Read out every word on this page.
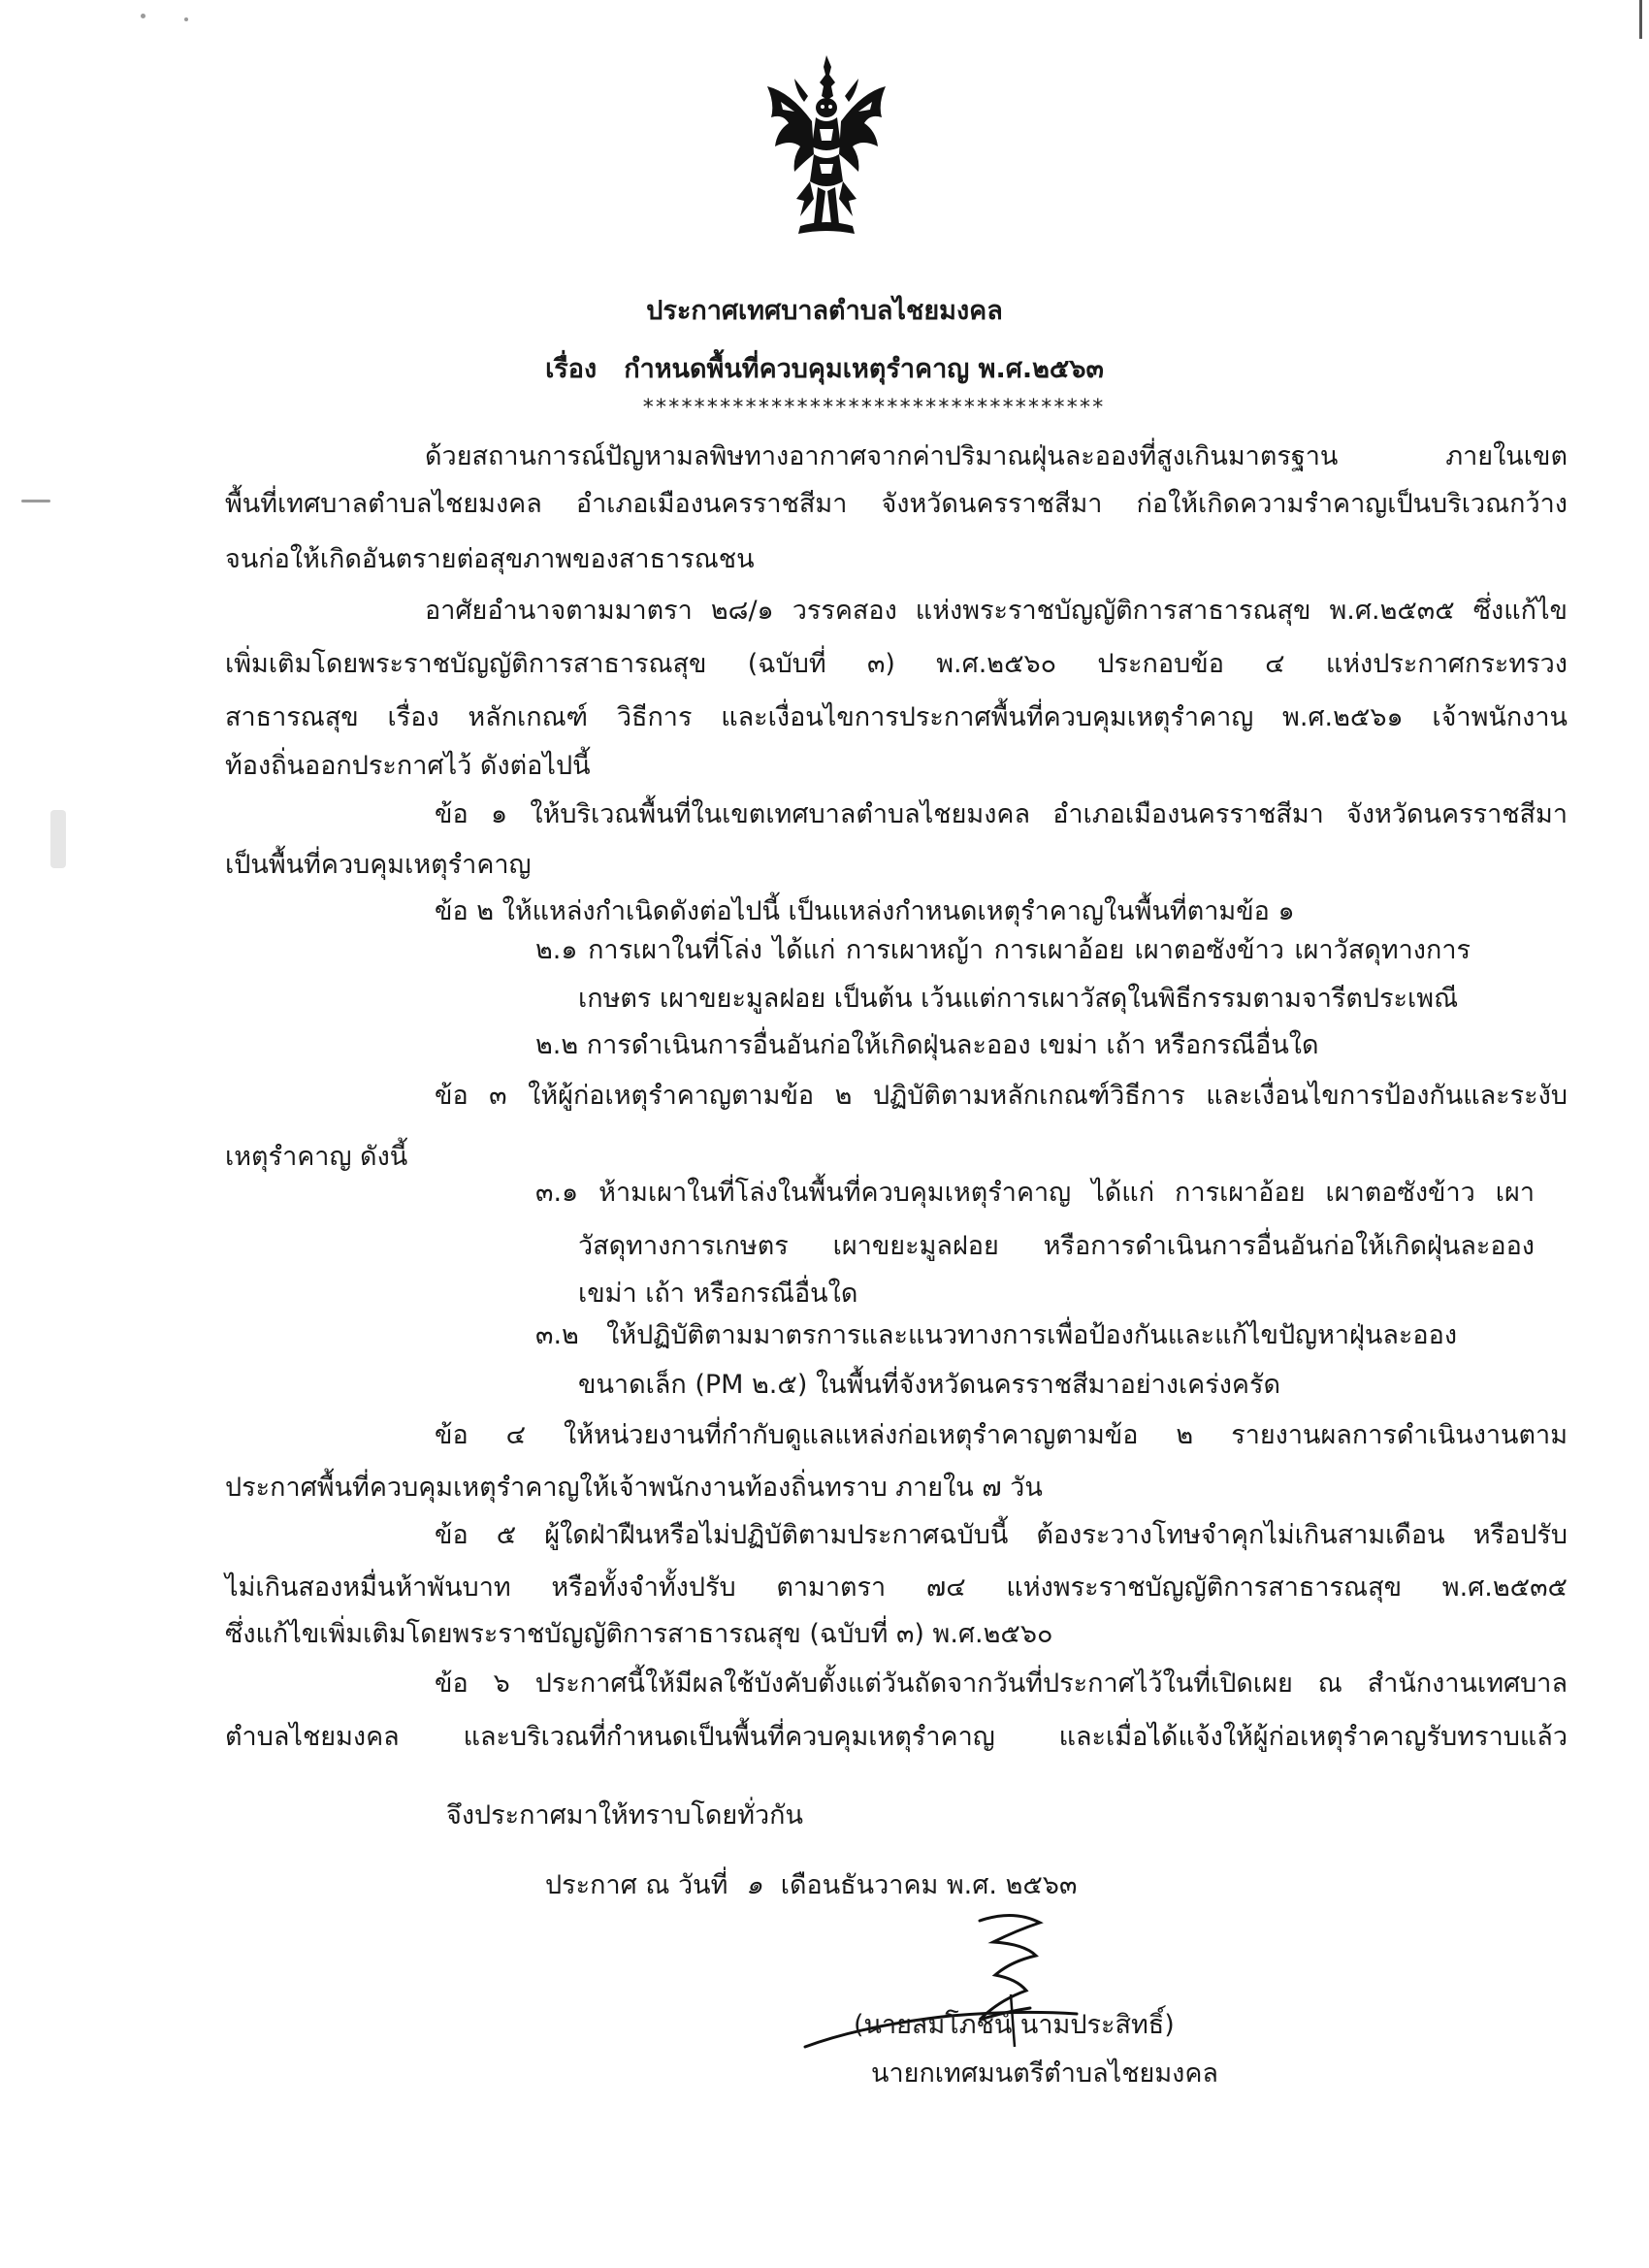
ประกาศเทศบาลตำบลไชยมงคล
เรื่อง กำหนดพื้นที่ควบคุมเหตุรำคาญ พ.ศ.๒๕๖๓
************************************
ด้วยสถานการณ์ปัญหามลพิษทางอากาศจากค่าปริมาณฝุ่นละอองที่สูงเกินมาตรฐาน ภายในเขต
พื้นที่เทศบาลตำบลไชยมงคล อำเภอเมืองนครราชสีมา จังหวัดนครราชสีมา ก่อให้เกิดความรำคาญเป็นบริเวณกว้าง
จนก่อให้เกิดอันตรายต่อสุขภาพของสาธารณชน
อาศัยอำนาจตามมาตรา ๒๘/๑ วรรคสอง แห่งพระราชบัญญัติการสาธารณสุข พ.ศ.๒๕๓๕ ซึ่งแก้ไข
เพิ่มเติมโดยพระราชบัญญัติการสาธารณสุข (ฉบับที่ ๓) พ.ศ.๒๕๖๐ ประกอบข้อ ๔ แห่งประกาศกระทรวง
สาธารณสุข เรื่อง หลักเกณฑ์ วิธีการ และเงื่อนไขการประกาศพื้นที่ควบคุมเหตุรำคาญ พ.ศ.๒๕๖๑ เจ้าพนักงาน
ท้องถิ่นออกประกาศไว้ ดังต่อไปนี้
ข้อ ๑ ให้บริเวณพื้นที่ในเขตเทศบาลตำบลไชยมงคล อำเภอเมืองนครราชสีมา จังหวัดนครราชสีมา
เป็นพื้นที่ควบคุมเหตุรำคาญ
ข้อ ๒ ให้แหล่งกำเนิดดังต่อไปนี้ เป็นแหล่งกำหนดเหตุรำคาญในพื้นที่ตามข้อ ๑
๒.๑ การเผาในที่โล่ง ได้แก่ การเผาหญ้า การเผาอ้อย เผาตอซังข้าว เผาวัสดุทางการ
เกษตร เผาขยะมูลฝอย เป็นต้น เว้นแต่การเผาวัสดุในพิธีกรรมตามจารีตประเพณี
๒.๒ การดำเนินการอื่นอันก่อให้เกิดฝุ่นละออง เขม่า เถ้า หรือกรณีอื่นใด
ข้อ ๓ ให้ผู้ก่อเหตุรำคาญตามข้อ ๒ ปฏิบัติตามหลักเกณฑ์วิธีการ และเงื่อนไขการป้องกันและระงับ
เหตุรำคาญ ดังนี้
๓.๑ ห้ามเผาในที่โล่งในพื้นที่ควบคุมเหตุรำคาญ ได้แก่ การเผาอ้อย เผาตอซังข้าว เผา
วัสดุทางการเกษตร เผาขยะมูลฝอย หรือการดำเนินการอื่นอันก่อให้เกิดฝุ่นละออง
เขม่า เถ้า หรือกรณีอื่นใด
๓.๒ ให้ปฏิบัติตามมาตรการและแนวทางการเพื่อป้องกันและแก้ไขปัญหาฝุ่นละออง
ขนาดเล็ก (PM ๒.๕) ในพื้นที่จังหวัดนครราชสีมาอย่างเคร่งครัด
ข้อ ๔ ให้หน่วยงานที่กำกับดูแลแหล่งก่อเหตุรำคาญตามข้อ ๒ รายงานผลการดำเนินงานตาม
ประกาศพื้นที่ควบคุมเหตุรำคาญให้เจ้าพนักงานท้องถิ่นทราบ ภายใน ๗ วัน
ข้อ ๕ ผู้ใดฝ่าฝืนหรือไม่ปฏิบัติตามประกาศฉบับนี้ ต้องระวางโทษจำคุกไม่เกินสามเดือน หรือปรับ
ไม่เกินสองหมื่นห้าพันบาท หรือทั้งจำทั้งปรับ ตามาตรา ๗๔ แห่งพระราชบัญญัติการสาธารณสุข พ.ศ.๒๕๓๕
ซึ่งแก้ไขเพิ่มเติมโดยพระราชบัญญัติการสาธารณสุข (ฉบับที่ ๓) พ.ศ.๒๕๖๐
ข้อ ๖ ประกาศนี้ให้มีผลใช้บังคับตั้งแต่วันถัดจากวันที่ประกาศไว้ในที่เปิดเผย ณ สำนักงานเทศบาล
ตำบลไชยมงคล และบริเวณที่กำหนดเป็นพื้นที่ควบคุมเหตุรำคาญ และเมื่อได้แจ้งให้ผู้ก่อเหตุรำคาญรับทราบแล้ว
จึงประกาศมาให้ทราบโดยทั่วกัน
ประกาศ ณ วันที่ ๑ เดือนธันวาคม พ.ศ. ๒๕๖๓
(นายสมโภชน์ นามประสิทธิ์)
นายกเทศมนตรีตำบลไชยมงคล
